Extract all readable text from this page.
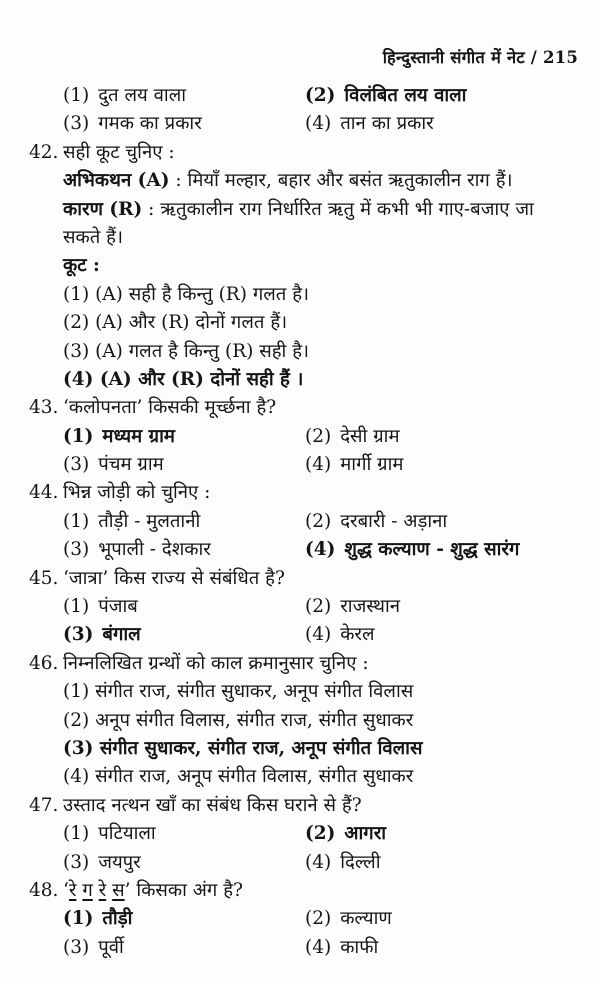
हिन्दुस्तानी संगीत में नेट / 215
(1) दुत लय वाला	(2) विलंबित लय वाला
(3) गमक का प्रकार	(4) तान का प्रकार
42. सही कूट चुनिए :
अभिकथन (A) : मियाँ मल्हार, बहार और बसंत ऋतुकालीन राग हैं।
कारण (R) : ऋतुकालीन राग निर्धारित ऋतु में कभी भी गाए-बजाए जा
सकते हैं।
कूट :
(1) (A) सही है किन्तु (R) गलत है।
(2) (A) और (R) दोनों गलत हैं।
(3) (A) गलत है किन्तु (R) सही है।
(4) (A) और (R) दोनों सही हैं ।
43. ‘कलोपनता’ किसकी मूर्च्छना है?
(1) मध्यम ग्राम	(2) देसी ग्राम
(3) पंचम ग्राम	(4) मार्गी ग्राम
44. भिन्न जोड़ी को चुनिए :
(1) तौड़ी - मुलतानी	(2) दरबारी - अड़ाना
(3) भूपाली - देशकार	(4) शुद्ध कल्याण - शुद्ध सारंग
45. ‘जात्रा’ किस राज्य से संबंधित है?
(1) पंजाब	(2) राजस्थान
(3) बंगाल	(4) केरल
46. निम्नलिखित ग्रन्थों को काल क्रमानुसार चुनिए :
(1) संगीत राज, संगीत सुधाकर, अनूप संगीत विलास
(2) अनूप संगीत विलास, संगीत राज, संगीत सुधाकर
(3) संगीत सुधाकर, संगीत राज, अनूप संगीत विलास
(4) संगीत राज, अनूप संगीत विलास, संगीत सुधाकर
47. उस्ताद नत्थन खाँ का संबंध किस घराने से हैं?
(1) पटियाला	(2) आगरा
(3) जयपुर	(4) दिल्ली
48. ‘रे ग रे स’ किसका अंग है?
(1) तौड़ी	(2) कल्याण
(3) पूर्वी	(4) काफी
